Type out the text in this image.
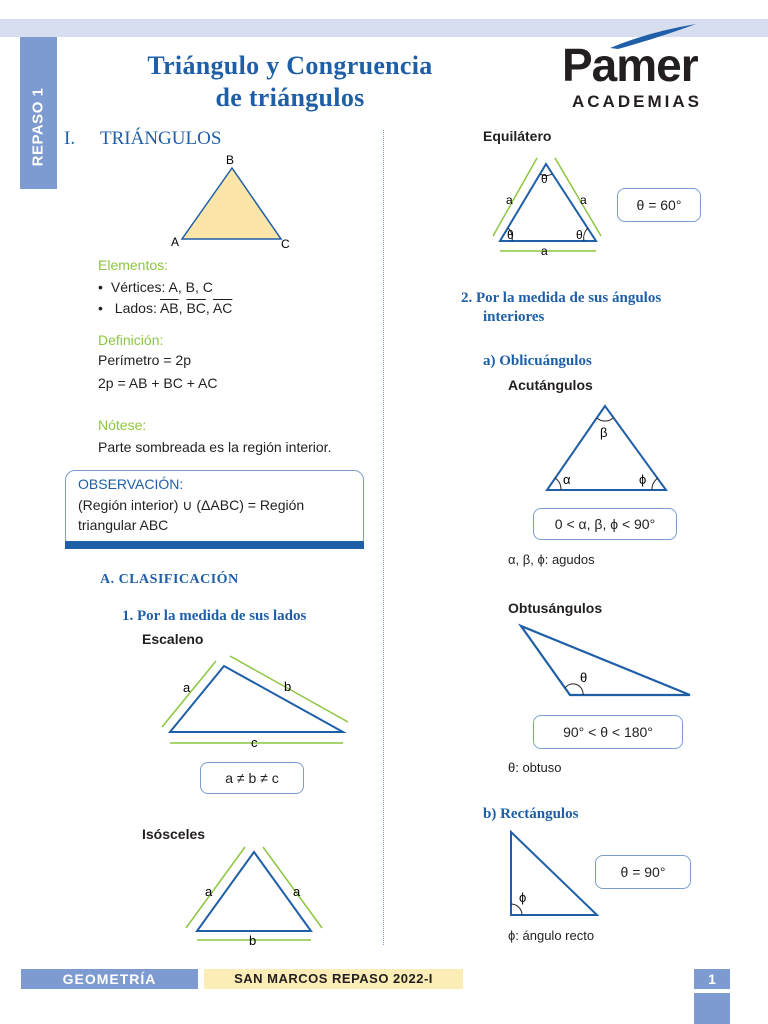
REPASO 1
Triángulo y Congruencia
de triángulos
Pamer
ACADEMIAS
I. TRIÁNGULOS
B
A	C
Elementos:
• Vértices: A, B, C
• Lados: $\overline{AB}$, $\overline{BC}$, $\overline{AC}$
Definición:
Perímetro = 2p
2p = AB + BC + AC
Nótese:
Parte sombreada es la región interior.
OBSERVACIÓN:
(Región interior) ∪ (ΔABC) = Región
triangular ABC
A. CLASIFICACIÓN
1. Por la medida de sus lados
Escaleno
a	b
c
a ≠ b ≠ c
Isósceles
a	a
b
Equilátero
θ
θ	θ
a	a
a
θ = 60°
2. Por la medida de sus ángulos
interiores
a) Oblicuángulos
Acutángulos
β
α	ϕ
0 < α, β, ϕ < 90°
α, β, ϕ: agudos
Obtusángulos
θ
90° < θ < 180°
θ: obtuso
b) Rectángulos
ϕ
θ = 90°
ϕ: ángulo recto
GEOMETRÍA	SAN MARCOS REPASO 2022-I	1
